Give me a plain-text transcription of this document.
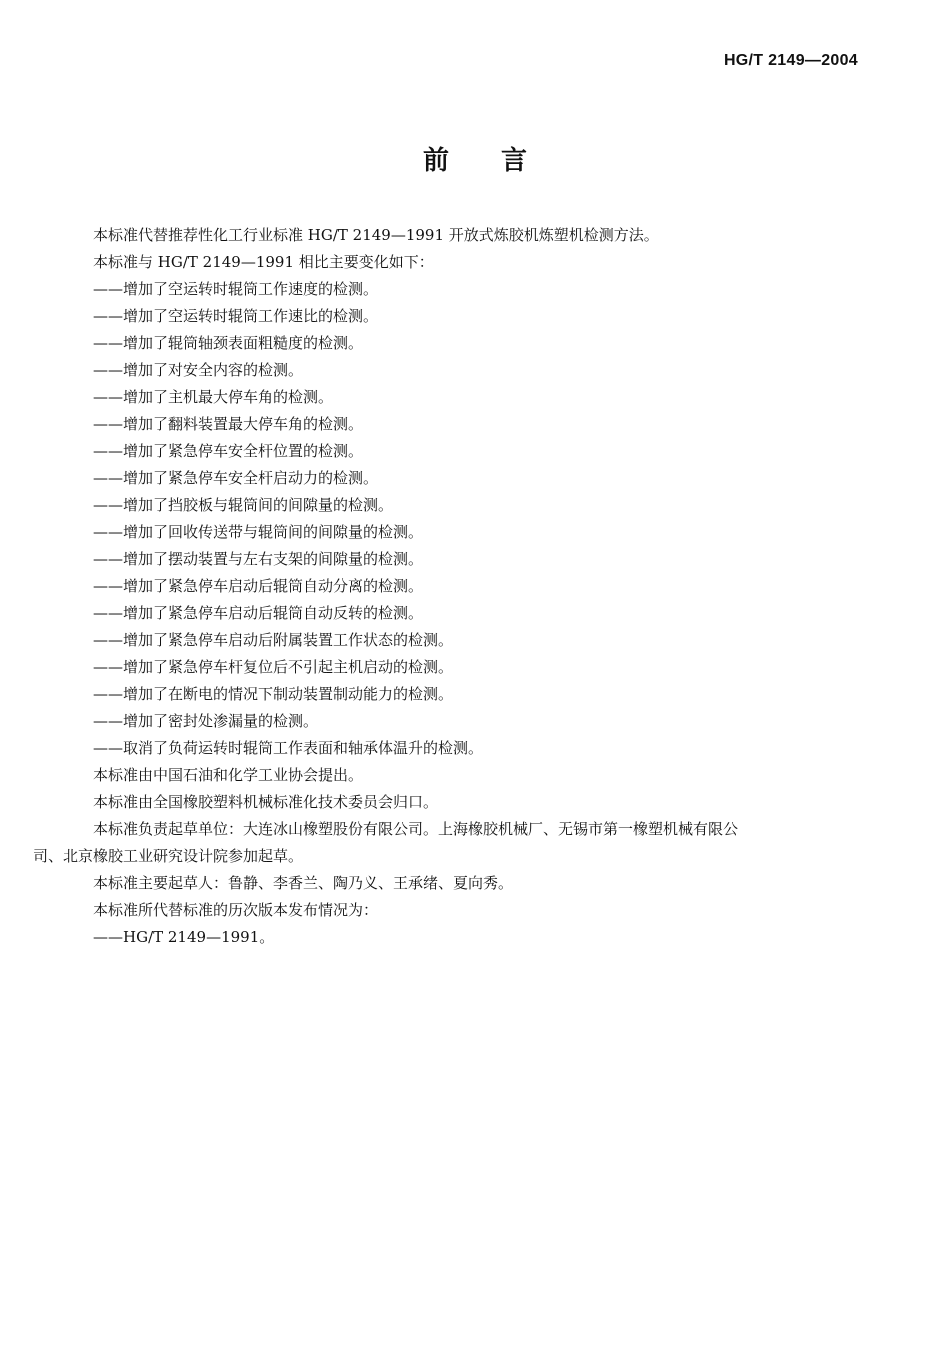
HG/T 2149—2004
前言

本标准代替推荐性化工行业标准 HG/T 2149—1991 开放式炼胶机炼塑机检测方法。

本标准与 HG/T 2149—1991 相比主要变化如下：

——增加了空运转时辊筒工作速度的检测。

——增加了空运转时辊筒工作速比的检测。

——增加了辊筒轴颈表面粗糙度的检测。

——增加了对安全内容的检测。

——增加了主机最大停车角的检测。

——增加了翻料装置最大停车角的检测。

——增加了紧急停车安全杆位置的检测。

——增加了紧急停车安全杆启动力的检测。

——增加了挡胶板与辊筒间的间隙量的检测。

——增加了回收传送带与辊筒间的间隙量的检测。

——增加了摆动装置与左右支架的间隙量的检测。

——增加了紧急停车启动后辊筒自动分离的检测。

——增加了紧急停车启动后辊筒自动反转的检测。

——增加了紧急停车启动后附属装置工作状态的检测。

——增加了紧急停车杆复位后不引起主机启动的检测。

——增加了在断电的情况下制动装置制动能力的检测。

——增加了密封处渗漏量的检测。

——取消了负荷运转时辊筒工作表面和轴承体温升的检测。

本标准由中国石油和化学工业协会提出。

本标准由全国橡胶塑料机械标准化技术委员会归口。

本标准负责起草单位：大连冰山橡塑股份有限公司。上海橡胶机械厂、无锡市第一橡塑机械有限公
司、北京橡胶工业研究设计院参加起草。

本标准主要起草人：鲁静、李香兰、陶乃义、王承绪、夏向秀。

本标准所代替标准的历次版本发布情况为：

——HG/T 2149—1991。
